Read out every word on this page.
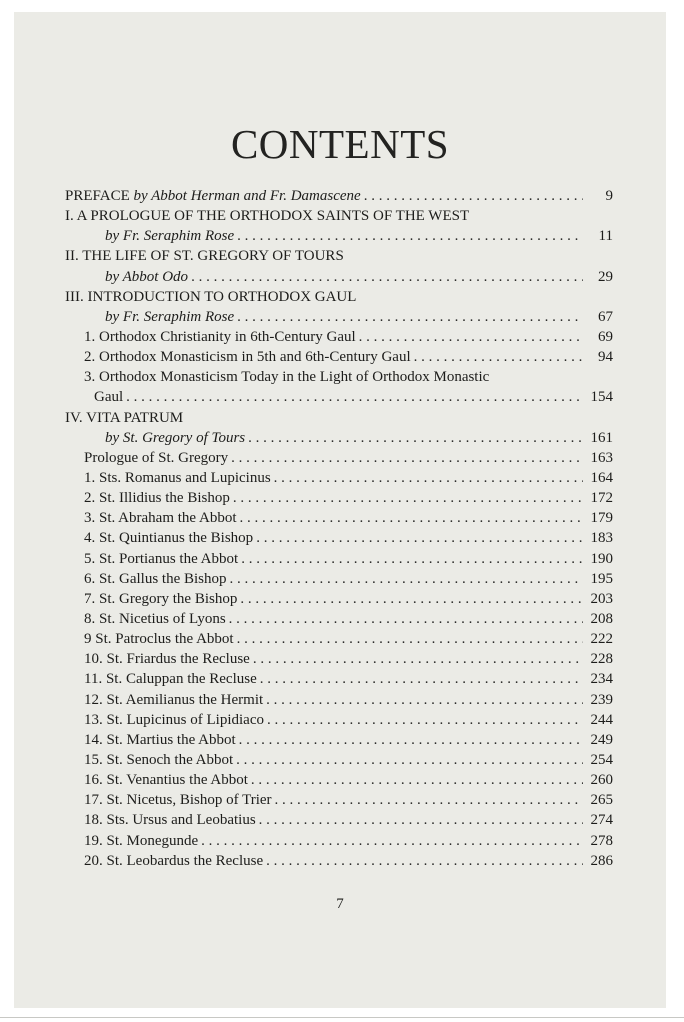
CONTENTS
PREFACE by Abbot Herman and Fr. Damascene . . .	9
I. A PROLOGUE OF THE ORTHODOX SAINTS OF THE WEST
by Fr. Seraphim Rose . . .	11
II. THE LIFE OF ST. GREGORY OF TOURS
by Abbot Odo . . .	29
III. INTRODUCTION TO ORTHODOX GAUL
by Fr. Seraphim Rose . . .	67
1. Orthodox Christianity in 6th-Century Gaul . . .	69
2. Orthodox Monasticism in 5th and 6th-Century Gaul . . .	94
3. Orthodox Monasticism Today in the Light of Orthodox Monastic
Gaul . . .	154
IV. VITA PATRUM
by St. Gregory of Tours . . .	161
Prologue of St. Gregory . . .	163
1. Sts. Romanus and Lupicinus . . .	164
2. St. Illidius the Bishop . . .	172
3. St. Abraham the Abbot . . .	179
4. St. Quintianus the Bishop . . .	183
5. St. Portianus the Abbot . . .	190
6. St. Gallus the Bishop . . .	195
7. St. Gregory the Bishop . . .	203
8. St. Nicetius of Lyons . . .	208
9 St. Patroclus the Abbot . . .	222
10. St. Friardus the Recluse . . .	228
11. St. Caluppan the Recluse . . .	234
12. St. Aemilianus the Hermit . . .	239
13. St. Lupicinus of Lipidiaco . . .	244
14. St. Martius the Abbot . . .	249
15. St. Senoch the Abbot . . .	254
16. St. Venantius the Abbot . . .	260
17. St. Nicetus, Bishop of Trier . . .	265
18. Sts. Ursus and Leobatius . . .	274
19. St. Monegunde . . .	278
20. St. Leobardus the Recluse . . .	286
7
